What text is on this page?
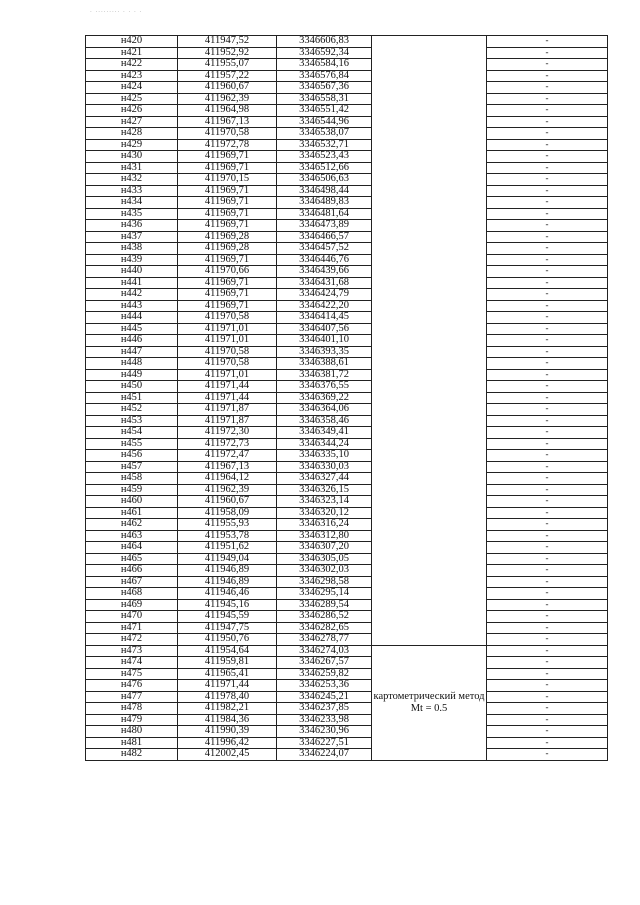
. ......... . . . .
н420	411947,52	3346606,83		-
н421	411952,92	3346592,34		-
н422	411955,07	3346584,16		-
н423	411957,22	3346576,84		-
н424	411960,67	3346567,36		-
н425	411962,39	3346558,31		-
н426	411964,98	3346551,42		-
н427	411967,13	3346544,96		-
н428	411970,58	3346538,07		-
н429	411972,78	3346532,71		-
н430	411969,71	3346523,43		-
н431	411969,71	3346512,66		-
н432	411970,15	3346506,63		-
н433	411969,71	3346498,44		-
н434	411969,71	3346489,83		-
н435	411969,71	3346481,64		-
н436	411969,71	3346473,89		-
н437	411969,28	3346466,57		-
н438	411969,28	3346457,52		-
н439	411969,71	3346446,76		-
н440	411970,66	3346439,66		-
н441	411969,71	3346431,68		-
н442	411969,71	3346424,79		-
н443	411969,71	3346422,20		-
н444	411970,58	3346414,45		-
н445	411971,01	3346407,56		-
н446	411971,01	3346401,10		-
н447	411970,58	3346393,35		-
н448	411970,58	3346388,61		-
н449	411971,01	3346381,72		-
н450	411971,44	3346376,55		-
н451	411971,44	3346369,22		-
н452	411971,87	3346364,06		-
н453	411971,87	3346358,46		-
н454	411972,30	3346349,41		-
н455	411972,73	3346344,24		-
н456	411972,47	3346335,10		-
н457	411967,13	3346330,03		-
н458	411964,12	3346327,44		-
н459	411962,39	3346326,15		-
н460	411960,67	3346323,14		-
н461	411958,09	3346320,12		-
н462	411955,93	3346316,24		-
н463	411953,78	3346312,80		-
н464	411951,62	3346307,20		-
н465	411949,04	3346305,05		-
н466	411946,89	3346302,03		-
н467	411946,89	3346298,58		-
н468	411946,46	3346295,14		-
н469	411945,16	3346289,54		-
н470	411945,59	3346286,52		-
н471	411947,75	3346282,65		-
н472	411950,76	3346278,77		-
н473	411954,64	3346274,03	картометрический метод Mt = 0.5	-
н474	411959,81	3346267,57		-
н475	411965,41	3346259,82		-
н476	411971,44	3346253,36		-
н477	411978,40	3346245,21		-
н478	411982,21	3346237,85		-
н479	411984,36	3346233,98		-
н480	411990,39	3346230,96		-
н481	411996,42	3346227,51		-
н482	412002,45	3346224,07		-
